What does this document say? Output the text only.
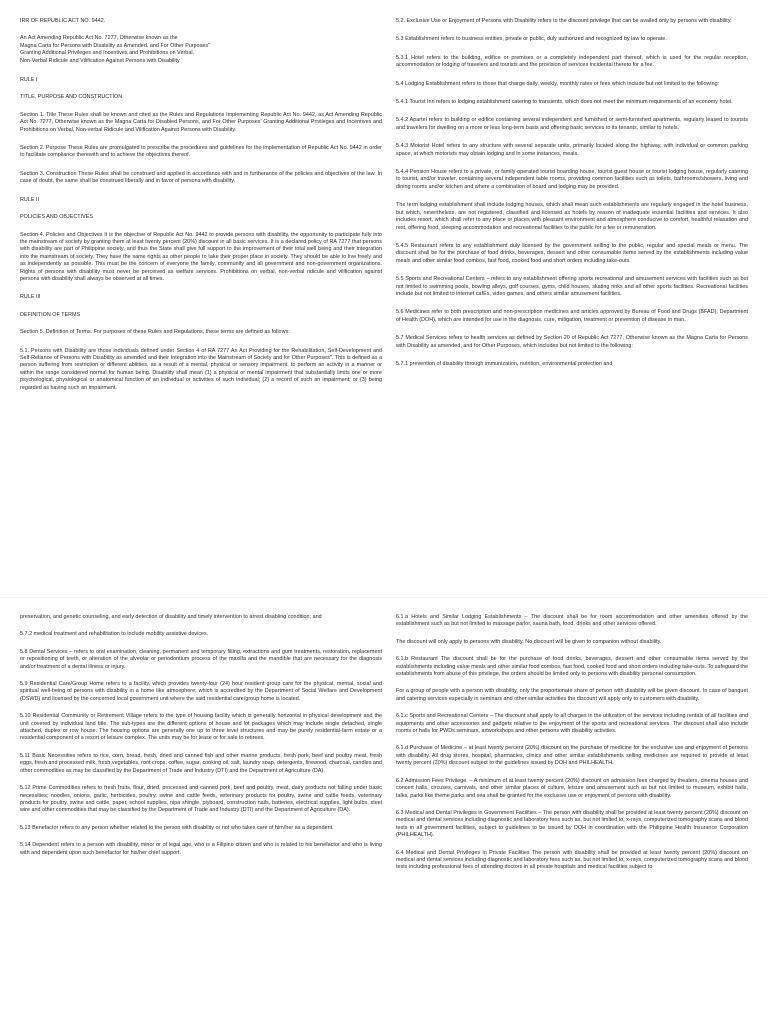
IRR OF REPUBLIC ACT NO. 9442.

An Act Amending Republic Act No. 7277, Otherwise known as the

Magna Carta for Persons with Disability as Amended, and For Other Purposes"

Granting Additional Privileges and Incentives and Prohibitions on Verbal,

Non-Verbal Ridicule and Vilification Against Persons with Disability

RULE I

TITLE, PURPOSE AND CONSTRUCTION

Section 1. Title These Rules shall be known and cited as the Rules and Regulations Implementing Republic Act No. 9442, as Act Amending Republic Act No. 7277, Otherwise known as the Magna Carta for Disabled Persons, and For Other Purposes' Granting Additional Privileges and Incentives and Prohibitions on Verbal, Non-verbal Ridicule and Vilification Against Persons with Disability.

Section 2. Purpose These Rules are promulgated to prescribe the procedures and guidelines for the implementation of Republic Act No. 9442 in order to facilitate compliance therewith and to achieve the objectives thereof.

Section 3. Construction These Rules shall be construed and applied in accordance with and in furtherance of the policies and objectives of the law. In case of doubt, the same shall be construed liberally and in favor of persons with disability.

RULE II

POLICIES AND OBJECTIVES

Section 4. Policies and Objectives It is the objective of Republic Act No. 9442 to provide persons with disability, the opportunity to participate fully into the mainstream of society by granting them at least twenty percent (20%) discount in all basic services. It is a declared policy of RA 7277 that persons with disability are part of Philippine society, and thus the State shall give full support to the improvement of their total well being and their integration into the mainstream of society. They have the same rights as other people to take their proper place in society. They should be able to live freely and as independently as possible. This must be the concern of everyone the family, community and all government and non-government organizations. Rights of persons with disability must never be perceived as welfare services. Prohibitions on verbal, non-verbal ridicule and vilification against persons with disability shall always be observed at all times.

RULE III

DEFINITION OF TERMS

Section 5. Definition of Terms. For purposes of these Rules and Regulations, these terms are defined as follows:

5.1. Persons with Disability are those individuals defined under Section 4 of RA 7277 An Act Providing for the Rehabilitation, Self-Development and Self-Reliance of Persons with Disability as amended and their Integration into the Mainstream of Society and for Other Purposes". This is defined as a person suffering from restriction or different abilities, as a result of a mental, physical or sensory impairment, to perform an activity in a manner or within the range considered normal for human being. Disability shall mean (1) a physical or mental impairment that substantially limits one or more psychological, physiological or anatomical function of an individual or activities of such individual; (2) a record of such an impairment; or (3) being regarded as having such an impairment.

5.2. Exclusive Use or Enjoyment of Persons with Disability refers to the discount privilege that can be availed only by persons with disability.

5.3 Establishment refers to business entities, private or public, duly authorized and recognized by law to operate.

5.3.1 Hotel refers to the building, edifice or premises or a completely independent part thereof, which is used for the regular reception, accommodation or lodging of travelers and tourists and the provision of services incidental thereto for a fee.

5.4 Lodging Establishment refers to those that charge daily, weekly, monthly rates or fees which include but not limited to the following:

5.4.1 Tourist Inn refers to lodging establishment catering to transients, which does not meet the minimum requirements of an economy hotel.

5.4.2 Apartel refers to building or edifice containing several independent and furnished or semi-furnished apartments, regularly leased to tourists and travelers for dwelling on a more or less long-term basis and offering basic services to its tenants, similar to hotels.

5.4.3 Motorist Hotel refers to any structure with several separate units, primarily located along the highway, with individual or common parking space, at which motorists may obtain lodging and in some instances, meals.

5.4.4 Pension House refers to a private, or family-operated tourist boarding house, tourist guest house or tourist lodging house, regularly catering to tourist, and/or traveler, containing several independent table rooms, providing common facilities such as toilets, bathrooms/showers, living and dining rooms and/or kitchen and where a combination of board and lodging may be provided.

The term lodging establishment shall include lodging houses, which shall mean such establishments are regularly engaged in the hotel business, but which, nevertheless, are not registered, classified and licensed as hotels by reason of inadequate essential facilities and services. It also includes resort, which shall refer to any place or places with pleasant environment and atmosphere conducive to comfort, healthful relaxation and rest, offering food, sleeping accommodation and recreational facilities to the public for a fee or remuneration.

5.4.5 Restaurant refers to any establishment duly licensed by the government selling to the public, regular and special meals or menu. The discount shall be for the purchase of food drinks, beverages, dessert and other consumable items served by the establishments including value meals and other similar food combos, fast food, cooked food and short orders including take-outs.

5.5 Sports and Recreational Centers – refers to any establishment offering sports recreational and amusement services with facilities such as but not limited to swimming pools, bowling alleys, golf courses, gyms, child houses, skating rinks and all other sports facilities. Recreational facilities include but not limited to internet cafÉs, video games, and others similar amusement facilities.

5.6 Medicines refer to both prescription and non-prescription medicines and articles approved by Bureau of Food and Drugs (BFAD), Department of Health (DOH), which are intended for use in the diagnosis, cure, mitigation, treatment or prevention of disease in man.

5.7 Medical Services refers to health services as defined by Section 20 of Republic Act 7277, Otherwise known as the Magna Carta for Persons with Disability as amended, and for Other Purposes, which includes but not limited to the following:

5.7.1 prevention of disability through immunization, nutrition, environmental protection and

preservation, and genetic counseling, and early detection of disability and timely intervention to arrest disabling condition; and

5.7.2 medical treatment and rehabilitation to include mobility assistive devices.

5.8 Dental Services – refers to oral examination, cleaning, permanent and temporary filling, extractions and gum treatments, restoration, replacement or repositioning of teeth, or alteration of the alveolar or periodontium process of the maxilla and the mandible that are necessary for the diagnosis and/or treatment of a dental illness or injury.

5.9 Residential Care/Group Home refers to a facility, which provides twenty-four (24) hour resident group care for the physical, mental, social and spiritual well-being of persons with disability in a home like atmosphere; which is accredited by the Department of Social Welfare and Development (DSWD) and licensed by the concerned local government unit where the said residential care/group home is located.

5.10 Residential Community or Retirement Village refers to the type of housing facility which is generally horizontal in physical development and the unit covered by individual land title. The sub-types are the different options of house and lot packages which may include single detached, single attached, duplex or row house. The housing options are generally one up to three level structures and may be purely residential-farm estate or a residential component of a resort or leisure complex. The units may be for lease or for sale to retirees.

5.11 Basic Necessities refers to rice, corn, bread, fresh, dried and canned fish and other marine products, fresh pork, beef and poultry meat, fresh eggs, fresh and processed milk, fresh vegetables, root crops, coffee, sugar, cooking oil, salt, laundry soap, detergents, firewood, charcoal, candles and other commodities as may be classified by the Department of Trade and Industry (DTI) and the Department of Agriculture (DA).

5.12 Prime Commodities refers to fresh fruits, flour, dried, processed and canned pork, beef and poultry, meat, dairy products not falling under basic necessities; noodles, onions, garlic, herbicides, poultry, swine and cattle feeds, veterinary products for poultry, swine and cattle feeds, veterinary products for poultry, swine and cattle, paper, school supplies, nipa shingle, plyboard, construction nails, batteries, electrical supplies, light bulbs, steel wire and other commodities that may be classified by the Department of Trade and Industry (DTI) and the Department of Agriculture (DA).

5.13 Benefactor refers to any person whether related to the person with disability or not who takes care of him/her as a dependent.

5.14 Dependent refers to a person with disability, minor or of legal age, who is a Filipino citizen and who is related to his benefactor and who is living with and dependent upon such benefactor for his/her chief support.

6.1.a Hotels and Similar Lodging Establishments – The discount shall be for room accommodation and other amenities offered by the establishment such as but not limited to massage parlor, sauna bath, food, drinks and other services offered.

The discount will only apply to persons with disability. No discount will be given to companion without disability.

6.1.b Restaurant The discount shall be for the purchase of food drinks, beverages, dessert and other consumable items served by the establishments including value meals and other similar food combos, fast food, cooked food and short orders including take-outs. To safeguard the establishments from abuse of this privilege, the orders should be limited only to persons with disability personal consumption.

For a group of people with a person with disability, only the proportionate share of person with disability will be given discount. In case of banquet and catering services especially in seminars and other similar activities the discount will apply only to customers with disability.

6.1.c Sports and Recreational Centers – The discount shall apply to all charges in the utilization of the services including rentals of all facilities and equipments and other accessories and gadgets relative to the enjoyment of the sports and recreational services. The discount shall also include rooms or halls for PWDs seminars, artworkshops and other persons with disability activities.

6.1.d Purchase of Medicine – at least twenty percent (20%) discount on the purchase of medicine for the exclusive use and enjoyment of persons with disability. All drug stores, hospital, pharmacies, clinics and other similar establishments selling medicines are required to provide at least twenty percent (20%) discount subject to the guidelines issued by DOH and PHILHEALTH.

6.2 Admission Fees Privilege. – A minimum of at least twenty percent (20%) discount on admission fees charged by theaters, cinema houses and concert halls, circuses, carnivals, and other similar places of culture, leisure and amusement such as but not limited to museum, exhibit halls, talks, parks like theme parks and sea shall be granted for the exclusive use or enjoyment of persons with disability.

6.3 Medical and Dental Privileges in Government Facilities – The person with disability shall be provided at least twenty percent (20%) discount on medical and dental services including diagnostic and laboratory fees such as, but not limited to, x-rays, computerized tomography scans and blood tests in all government facilities, subject to guidelines to be issued by DOH in coordination with the Philippine Health Insurance Corporation (PHILHEALTH).

6.4 Medical and Dental Privileges in Private Facilities The person with disability shall be provided at least twenty percent (20%) discount on medical and dental services including diagnostic and laboratory fees such as, but not limited to, x-rays, computerized tomography scans and blood tests including professional fees of attending doctors in all private hospitals and medical facilities subject to
